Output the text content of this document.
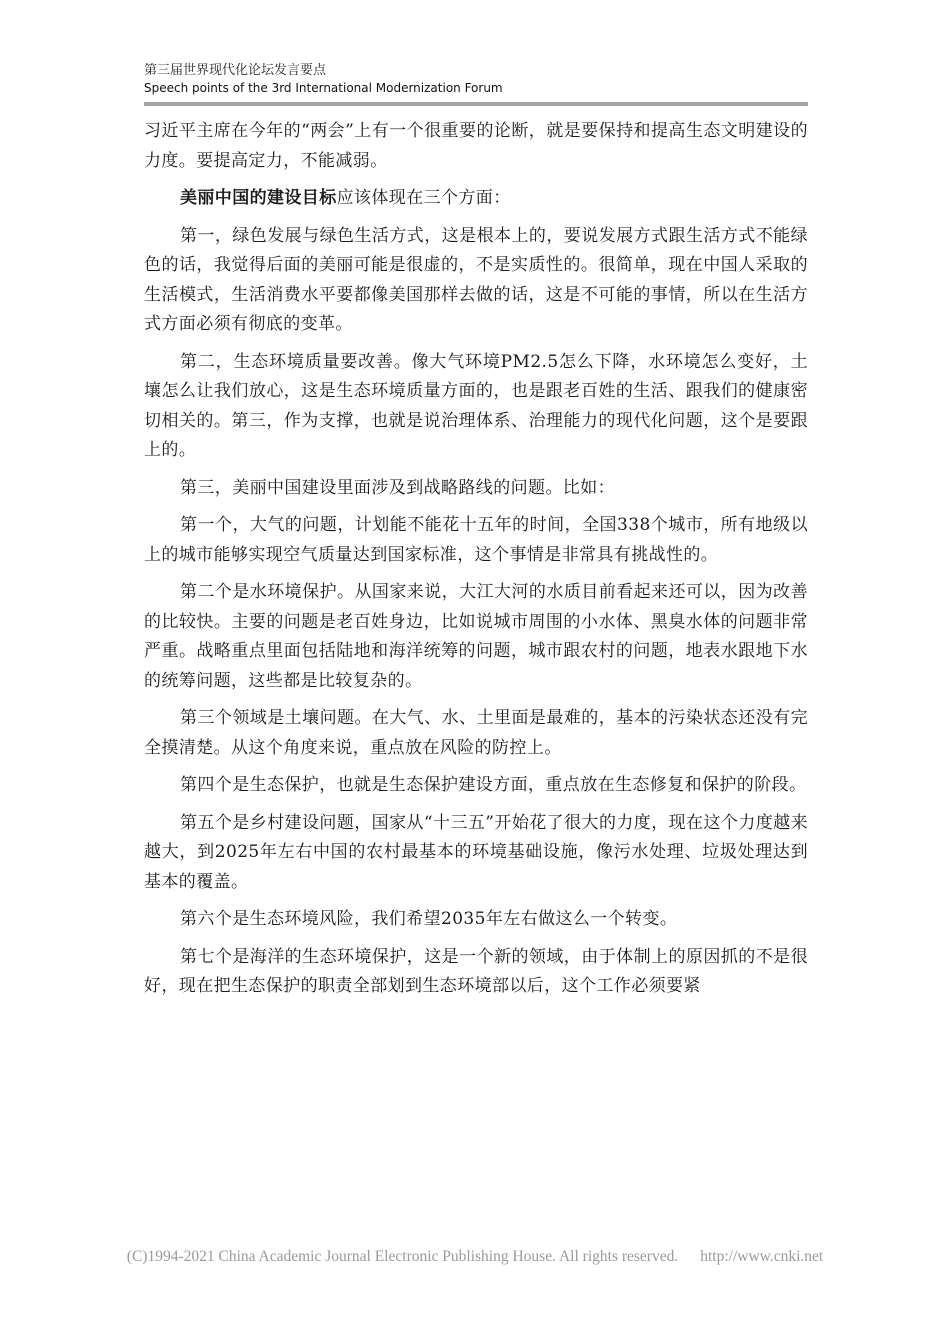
第三届世界现代化论坛发言要点
Speech points of the 3rd International Modernization Forum

习近平主席在今年的“两会”上有一个很重要的论断，就是要保持和提高生态文明建设的力度。要提高定力，不能减弱。

美丽中国的建设目标应该体现在三个方面：

第一，绿色发展与绿色生活方式，这是根本上的，要说发展方式跟生活方式不能绿色的话，我觉得后面的美丽可能是很虚的，不是实质性的。很简单，现在中国人采取的生活模式，生活消费水平要都像美国那样去做的话，这是不可能的事情，所以在生活方式方面必须有彻底的变革。

第二，生态环境质量要改善。像大气环境PM2.5怎么下降，水环境怎么变好，土壤怎么让我们放心，这是生态环境质量方面的，也是跟老百姓的生活、跟我们的健康密切相关的。第三，作为支撑，也就是说治理体系、治理能力的现代化问题，这个是要跟上的。

第三，美丽中国建设里面涉及到战略路线的问题。比如：

第一个，大气的问题，计划能不能花十五年的时间，全国338个城市，所有地级以上的城市能够实现空气质量达到国家标准，这个事情是非常具有挑战性的。

第二个是水环境保护。从国家来说，大江大河的水质目前看起来还可以，因为改善的比较快。主要的问题是老百姓身边，比如说城市周围的小水体、黑臭水体的问题非常严重。战略重点里面包括陆地和海洋统筹的问题，城市跟农村的问题，地表水跟地下水的统筹问题，这些都是比较复杂的。

第三个领域是土壤问题。在大气、水、土里面是最难的，基本的污染状态还没有完全摸清楚。从这个角度来说，重点放在风险的防控上。

第四个是生态保护，也就是生态保护建设方面，重点放在生态修复和保护的阶段。

第五个是乡村建设问题，国家从“十三五”开始花了很大的力度，现在这个力度越来越大，到2025年左右中国的农村最基本的环境基础设施，像污水处理、垃圾处理达到基本的覆盖。

第六个是生态环境风险，我们希望2035年左右做这么一个转变。

第七个是海洋的生态环境保护，这是一个新的领域，由于体制上的原因抓的不是很好，现在把生态保护的职责全部划到生态环境部以后，这个工作必须要紧

(C)1994-2021 China Academic Journal Electronic Publishing House. All rights reserved. http://www.cnki.net
